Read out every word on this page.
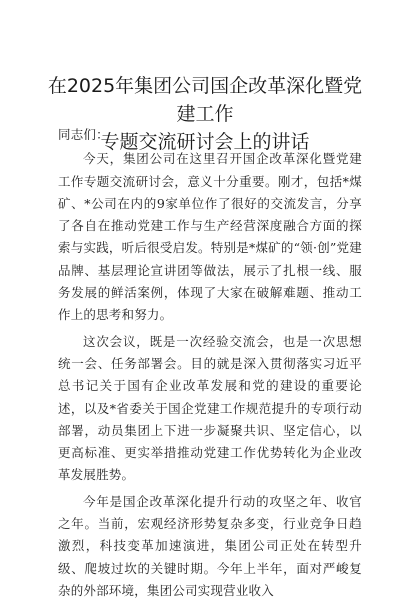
在2025年集团公司国企改革深化暨党建工作
专题交流研讨会上的讲话

同志们：

今天，集团公司在这里召开国企改革深化暨党建工作专题交流研讨会，意义十分重要。刚才，包括*煤矿、*公司在内的9家单位作了很好的交流发言，分享了各自在推动党建工作与生产经营深度融合方面的探索与实践，听后很受启发。特别是*煤矿的“领·创”党建品牌、基层理论宣讲团等做法，展示了扎根一线、服务发展的鲜活案例，体现了大家在破解难题、推动工作上的思考和努力。

这次会议，既是一次经验交流会，也是一次思想统一会、任务部署会。目的就是深入贯彻落实习近平总书记关于国有企业改革发展和党的建设的重要论述，以及*省委关于国企党建工作规范提升的专项行动部署，动员集团上下进一步凝聚共识、坚定信心，以更高标准、更实举措推动党建工作优势转化为企业改革发展胜势。

今年是国企改革深化提升行动的攻坚之年、收官之年。当前，宏观经济形势复杂多变，行业竞争日趋激烈，科技变革加速演进，集团公司正处在转型升级、爬坡过坎的关键时期。今年上半年，面对严峻复杂的外部环境，集团公司实现营业收入
